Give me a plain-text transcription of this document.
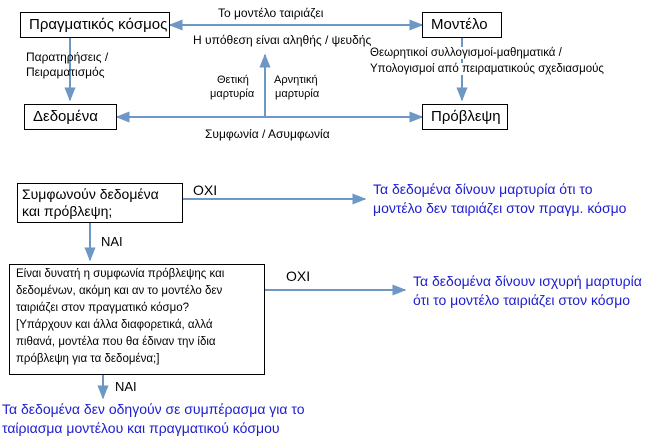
Πραγματικός κόσμος	Μοντέλο
Δεδομένα	Πρόβλεψη
Το μοντέλο ταιριάζει
Η υπόθεση είναι αληθής / ψευδής
Παρατηρήσεις /
Πειραματισμός
Θετική
μαρτυρία
Αρνητική
μαρτυρία
Θεωρητικοί συλλογισμοί-μαθηματικά /
Υπολογισμοί από πειραματικούς σχεδιασμούς
Συμφωνία / Ασυμφωνία
Συμφωνούν δεδομένα
και πρόβλεψη;
ΟΧΙ	Τα δεδομένα δίνουν μαρτυρία ότι το
μοντέλο δεν ταιριάζει στον πραγμ. κόσμο
ΝΑΙ
Είναι δυνατή η συμφωνία πρόβλεψης και
δεδομένων, ακόμη και αν το μοντέλο δεν
ταιριάζει στον πραγματικό κόσμο?
[Υπάρχουν και άλλα διαφορετικά, αλλά
πιθανά, μοντέλα που θα έδιναν την ίδια
πρόβλεψη για τα δεδομένα;]
ΟΧΙ	Τα δεδομένα δίνουν ισχυρή μαρτυρία
ότι το μοντέλο ταιριάζει στον κόσμο
ΝΑΙ
Τα δεδομένα δεν οδηγούν σε συμπέρασμα για το
ταίριασμα μοντέλου και πραγματικού κόσμου
